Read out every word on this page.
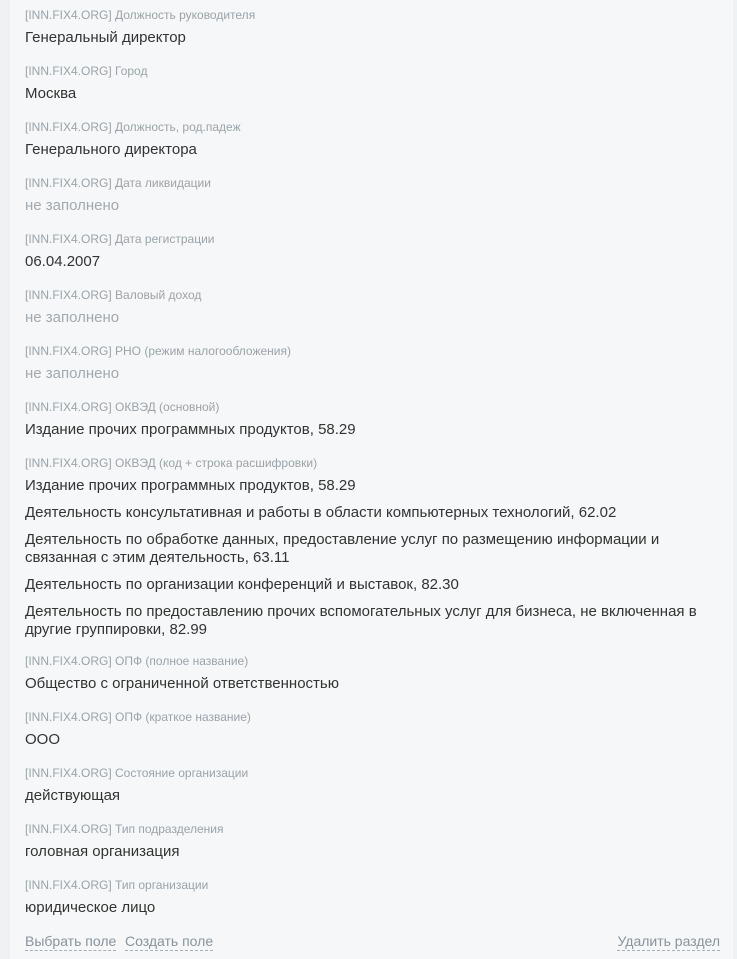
[INN.FIX4.ORG] Должность руководителя
Генеральный директор
[INN.FIX4.ORG] Город
Москва
[INN.FIX4.ORG] Должность, род.падеж
Генерального директора
[INN.FIX4.ORG] Дата ликвидации
не заполнено
[INN.FIX4.ORG] Дата регистрации
06.04.2007
[INN.FIX4.ORG] Валовый доход
не заполнено
[INN.FIX4.ORG] РНО (режим налогообложения)
не заполнено
[INN.FIX4.ORG] ОКВЭД (основной)
Издание прочих программных продуктов, 58.29
[INN.FIX4.ORG] ОКВЭД (код + строка расшифровки)
Издание прочих программных продуктов, 58.29
Деятельность консультативная и работы в области компьютерных технологий, 62.02
Деятельность по обработке данных, предоставление услуг по размещению информации и связанная с этим деятельность, 63.11
Деятельность по организации конференций и выставок, 82.30
Деятельность по предоставлению прочих вспомогательных услуг для бизнеса, не включенная в другие группировки, 82.99
[INN.FIX4.ORG] ОПФ (полное название)
Общество с ограниченной ответственностью
[INN.FIX4.ORG] ОПФ (краткое название)
ООО
[INN.FIX4.ORG] Состояние организации
действующая
[INN.FIX4.ORG] Тип подразделения
головная организация
[INN.FIX4.ORG] Тип организации
юридическое лицо
Выбрать поле Создать поле	Удалить раздел
